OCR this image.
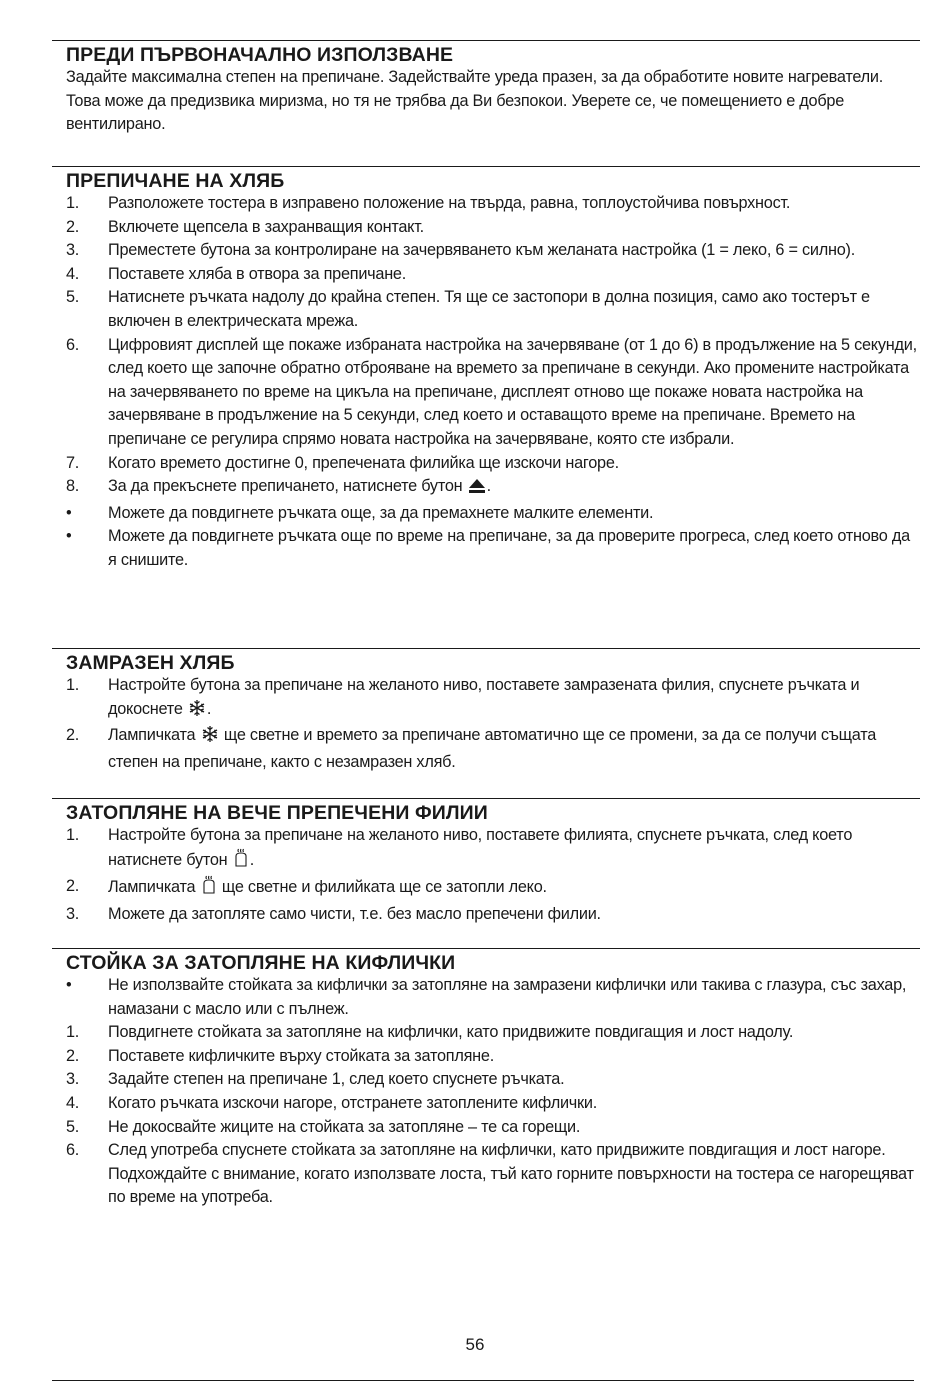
ПРЕДИ ПЪРВОНАЧАЛНО ИЗПОЛЗВАНЕ

Задайте максимална степен на препичане. Задействайте уреда празен, за да обработите новите нагреватели. Това може да предизвика миризма, но тя не трябва да Ви безпокои. Уверете се, че помещението е добре вентилирано.

ПРЕПИЧАНЕ НА ХЛЯБ
1. Разположете тостера в изправено положение на твърда, равна, топлоустойчива повърхност.
2. Включете щепсела в захранващия контакт.
3. Преместете бутона за контролиране на зачервяването към желаната настройка (1 = леко, 6 = силно).
4. Поставете хляба в отвора за препичане.
5. Натиснете ръчката надолу до крайна степен. Тя ще се застопори в долна позиция, само ако тостерът е включен в електрическата мрежа.
6. Цифровият дисплей ще покаже избраната настройка на зачервяване (от 1 до 6) в продължение на 5 секунди, след което ще започне обратно отброяване на времето за препичане в секунди. Ако промените настройката на зачервяването по време на цикъла на препичане, дисплеят отново ще покаже новата настройка на зачервяване в продължение на 5 секунди, след което и оставащото време на препичане. Времето на препичане се регулира спрямо новата настройка на зачервяване, която сте избрали.
7. Когато времето достигне 0, препечената филийка ще изскочи нагоре.
8. За да прекъснете препичането, натиснете бутон .
• Можете да повдигнете ръчката още, за да премахнете малките елементи.
• Можете да повдигнете ръчката още по време на препичане, за да проверите прогреса, след което отново да я снишите.
ЗАМРАЗЕН ХЛЯБ
1. Настройте бутона за препичане на желаното ниво, поставете замразената филия, спуснете ръчката и докоснете .
2. Лампичката  ще светне и времето за препичане автоматично ще се промени, за да се получи същата степен на препичане, както с незамразен хляб.
ЗАТОПЛЯНЕ НА ВЕЧЕ ПРЕПЕЧЕНИ ФИЛИИ
1. Настройте бутона за препичане на желаното ниво, поставете филията, спуснете ръчката, след което натиснете бутон .
2. Лампичката  ще светне и филийката ще се затопли леко.
3. Можете да затопляте само чисти, т.е. без масло препечени филии.
СТОЙКА ЗА ЗАТОПЛЯНЕ НА КИФЛИЧКИ
• Не използвайте стойката за кифлички за затопляне на замразени кифлички или такива с глазура, със захар, намазани с масло или с пълнеж.
1. Повдигнете стойката за затопляне на кифлички, като придвижите повдигащия и лост надолу.
2. Поставете кифличките върху стойката за затопляне.
3. Задайте степен на препичане 1, след което спуснете ръчката.
4. Когато ръчката изскочи нагоре, отстранете затоплените кифлички.
5. Не докосвайте жиците на стойката за затопляне – те са горещи.
6. След употреба спуснете стойката за затопляне на кифлички, като придвижите повдигащия и лост нагоре. Подхождайте с внимание, когато използвате лоста, тъй като горните повърхности на тостера се нагорещяват по време на употреба.
56
